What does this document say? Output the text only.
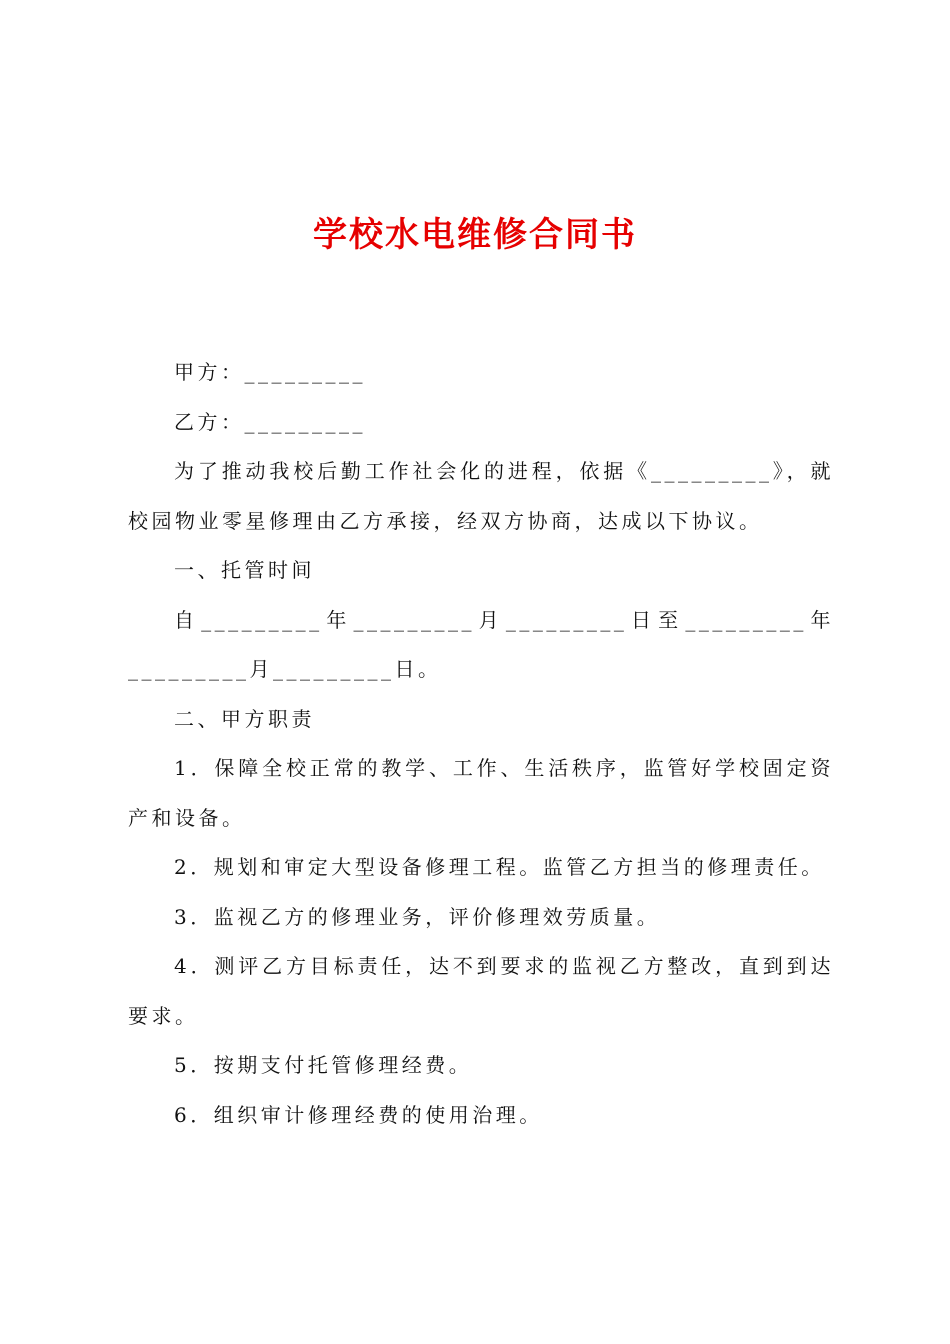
学校水电维修合同书

甲方：_________

乙方：_________

为了推动我校后勤工作社会化的进程，依据《_________》，就校园物业零星修理由乙方承接，经双方协商，达成以下协议。

一、托管时间

自_________年_________月_________日至_________年_________月_________日。

二、甲方职责

1．保障全校正常的教学、工作、生活秩序，监管好学校固定资产和设备。

2．规划和审定大型设备修理工程。监管乙方担当的修理责任。

3．监视乙方的修理业务，评价修理效劳质量。

4．测评乙方目标责任，达不到要求的监视乙方整改，直到到达要求。

5．按期支付托管修理经费。

6．组织审计修理经费的使用治理。
